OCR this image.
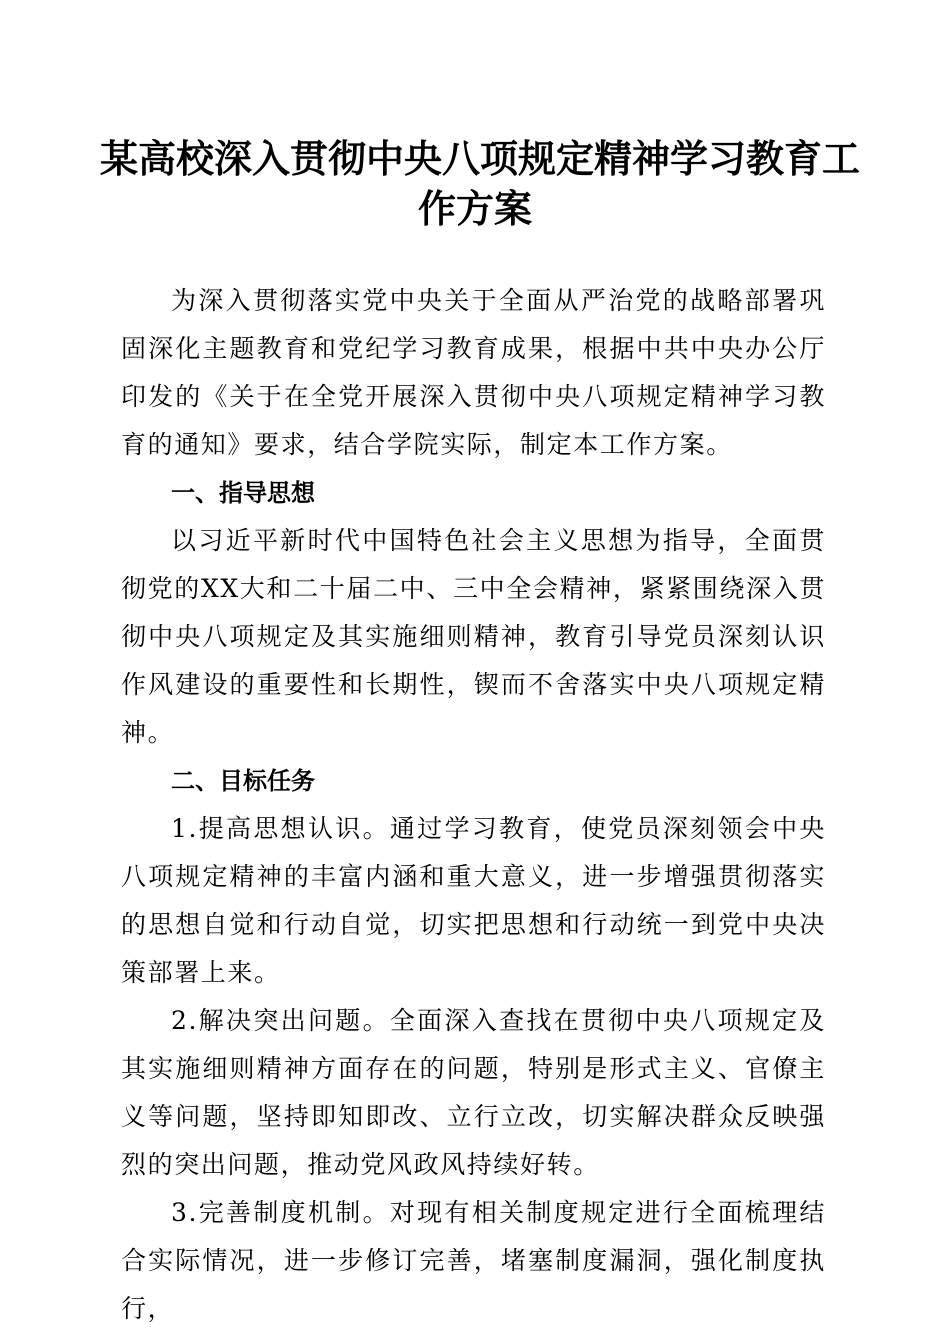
某高校深入贯彻中央八项规定精神学习教育工
作方案

为深入贯彻落实党中央关于全面从严治党的战略部署巩固深化主题教育和党纪学习教育成果，根据中共中央办公厅印发的《关于在全党开展深入贯彻中央八项规定精神学习教育的通知》要求，结合学院实际，制定本工作方案。

一、指导思想

以习近平新时代中国特色社会主义思想为指导，全面贯彻党的XX大和二十届二中、三中全会精神，紧紧围绕深入贯彻中央八项规定及其实施细则精神，教育引导党员深刻认识作风建设的重要性和长期性，锲而不舍落实中央八项规定精神。

二、目标任务

1.提高思想认识。通过学习教育，使党员深刻领会中央八项规定精神的丰富内涵和重大意义，进一步增强贯彻落实的思想自觉和行动自觉，切实把思想和行动统一到党中央决策部署上来。

2.解决突出问题。全面深入查找在贯彻中央八项规定及其实施细则精神方面存在的问题，特别是形式主义、官僚主义等问题，坚持即知即改、立行立改，切实解决群众反映强烈的突出问题，推动党风政风持续好转。

3.完善制度机制。对现有相关制度规定进行全面梳理结合实际情况，进一步修订完善，堵塞制度漏洞，强化制度执行，
